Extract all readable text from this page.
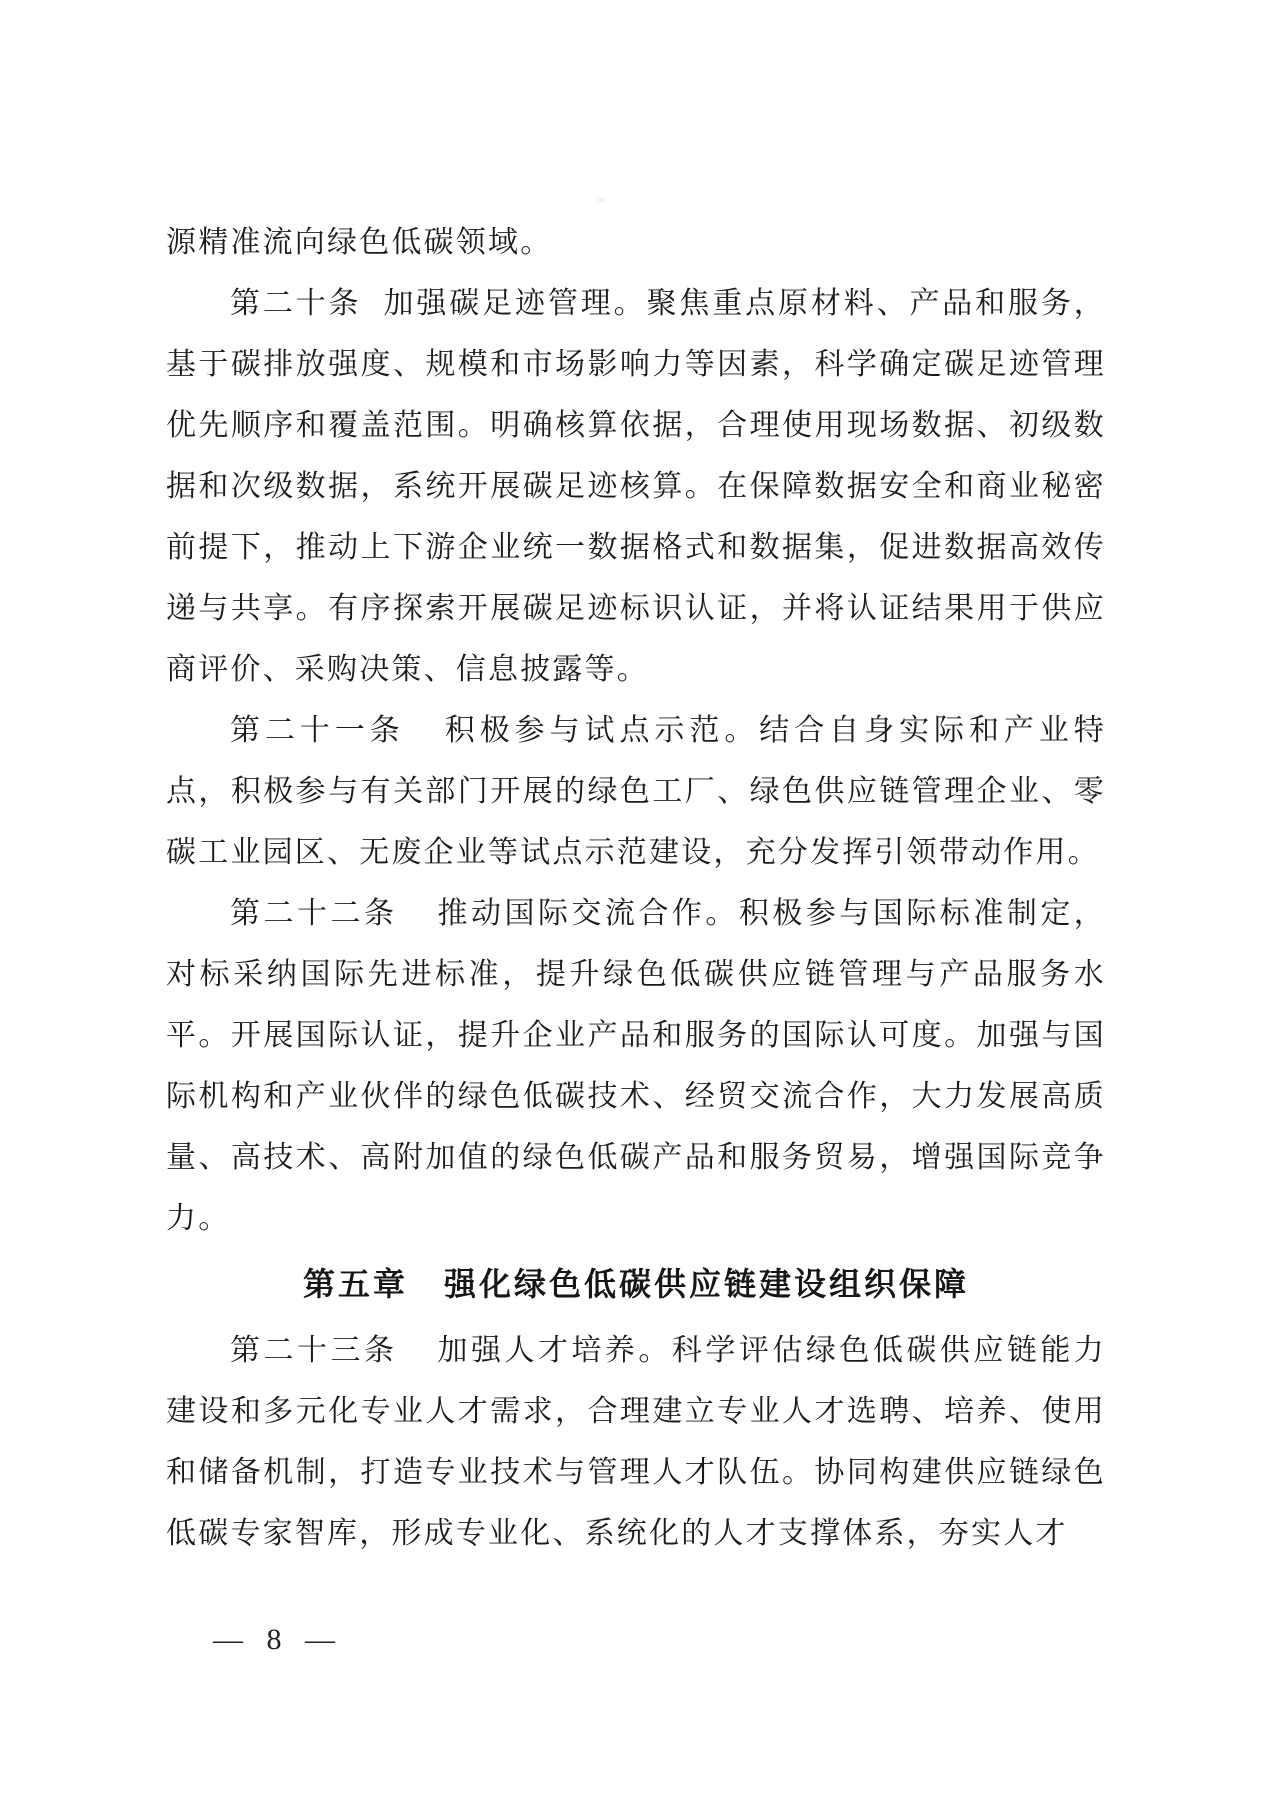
源精准流向绿色低碳领域。

第二十条 加强碳足迹管理。聚焦重点原材料、产品和服务，基于碳排放强度、规模和市场影响力等因素，科学确定碳足迹管理优先顺序和覆盖范围。明确核算依据，合理使用现场数据、初级数据和次级数据，系统开展碳足迹核算。在保障数据安全和商业秘密前提下，推动上下游企业统一数据格式和数据集，促进数据高效传递与共享。有序探索开展碳足迹标识认证，并将认证结果用于供应商评价、采购决策、信息披露等。

第二十一条 积极参与试点示范。结合自身实际和产业特点，积极参与有关部门开展的绿色工厂、绿色供应链管理企业、零碳工业园区、无废企业等试点示范建设，充分发挥引领带动作用。

第二十二条 推动国际交流合作。积极参与国际标准制定，对标采纳国际先进标准，提升绿色低碳供应链管理与产品服务水平。开展国际认证，提升企业产品和服务的国际认可度。加强与国际机构和产业伙伴的绿色低碳技术、经贸交流合作，大力发展高质量、高技术、高附加值的绿色低碳产品和服务贸易，增强国际竞争力。

第五章 强化绿色低碳供应链建设组织保障

第二十三条 加强人才培养。科学评估绿色低碳供应链能力建设和多元化专业人才需求，合理建立专业人才选聘、培养、使用和储备机制，打造专业技术与管理人才队伍。协同构建供应链绿色低碳专家智库，形成专业化、系统化的人才支撑体系，夯实人才

— 8 —
